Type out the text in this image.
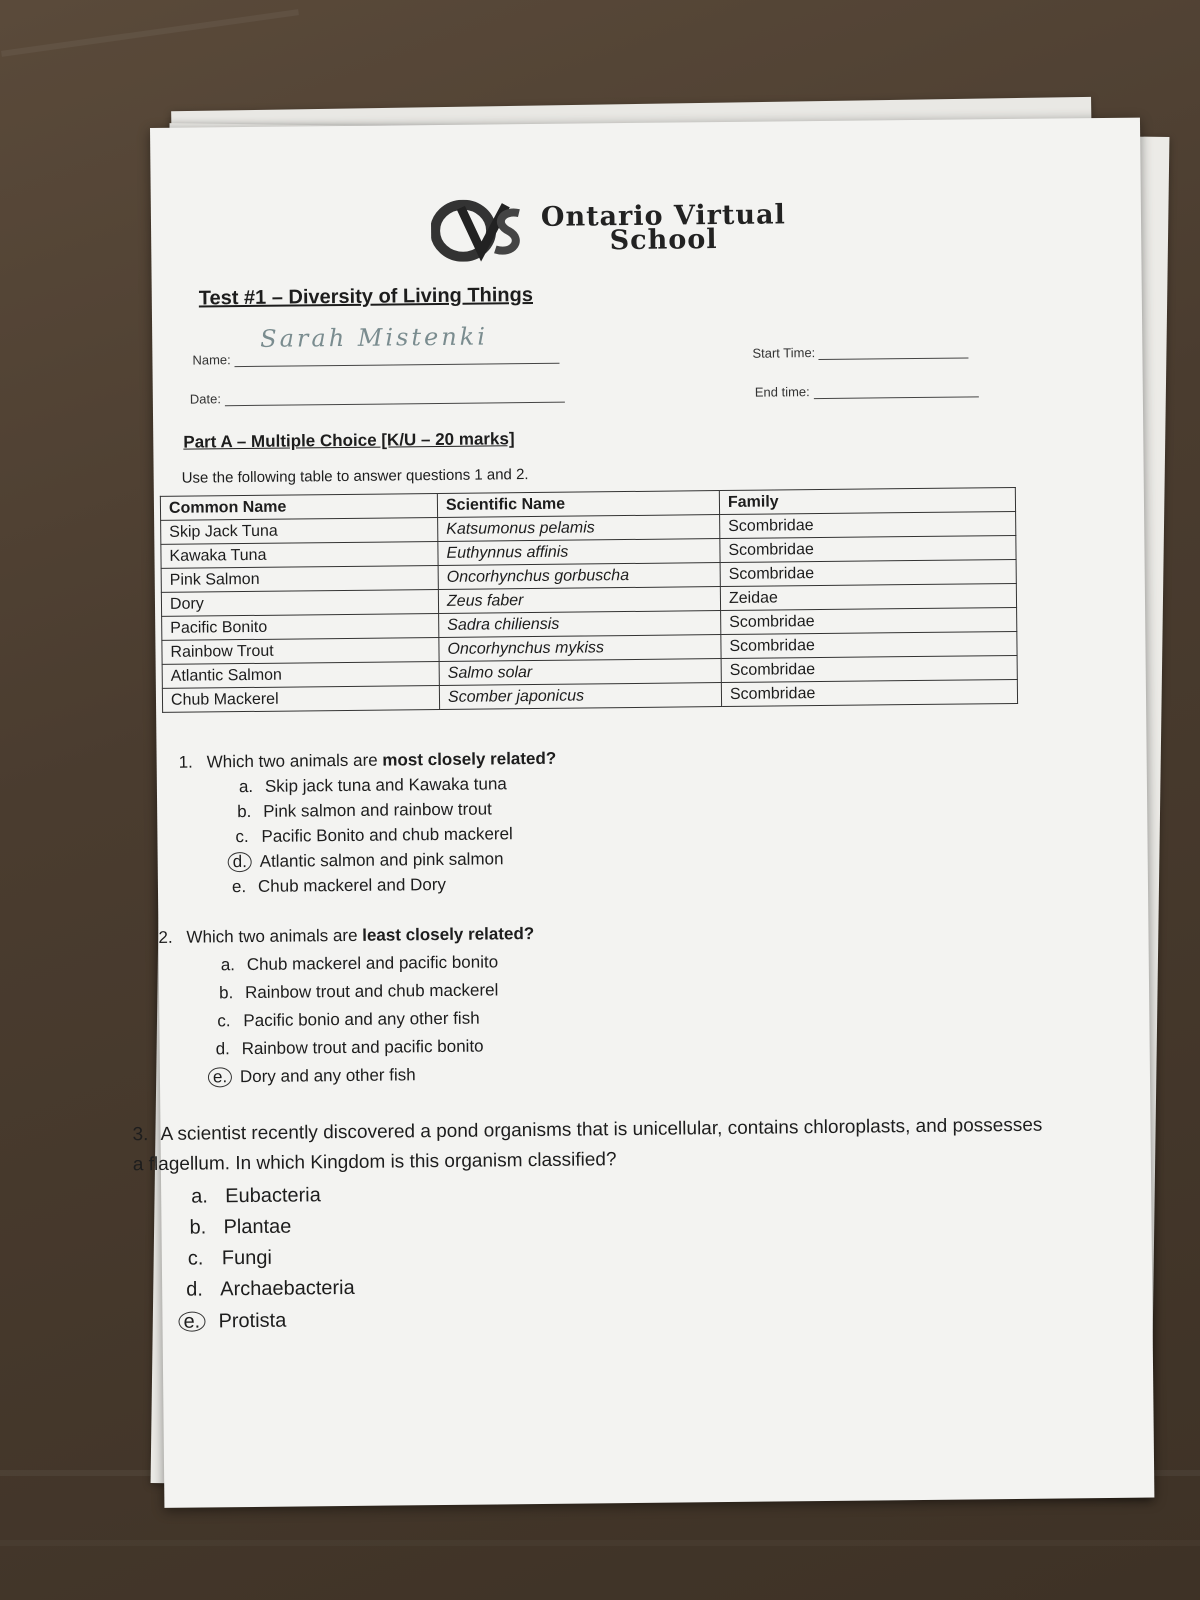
Ontario Virtual
School
Test #1 – Diversity of Living Things
Name:
Sarah Mistenki
Date:
Start Time:
End time:
Part A – Multiple Choice [K/U – 20 marks]
Use the following table to answer questions 1 and 2.
Common Name	Scientific Name	Family
Skip Jack Tuna	Katsumonus pelamis	Scombridae
Kawaka Tuna	Euthynnus affinis	Scombridae
Pink Salmon	Oncorhynchus gorbuscha	Scombridae
Dory	Zeus faber	Zeidae
Pacific Bonito	Sadra chiliensis	Scombridae
Rainbow Trout	Oncorhynchus mykiss	Scombridae
Atlantic Salmon	Salmo solar	Scombridae
Chub Mackerel	Scomber japonicus	Scombridae
1. Which two animals are most closely related?
a. Skip jack tuna and Kawaka tuna
b. Pink salmon and rainbow trout
c. Pacific Bonito and chub mackerel
d. Atlantic salmon and pink salmon
e. Chub mackerel and Dory
2. Which two animals are least closely related?
a. Chub mackerel and pacific bonito
b. Rainbow trout and chub mackerel
c. Pacific bonio and any other fish
d. Rainbow trout and pacific bonito
e. Dory and any other fish
3. A scientist recently discovered a pond organisms that is unicellular, contains chloroplasts, and possesses a flagellum. In which Kingdom is this organism classified?
a. Eubacteria
b. Plantae
c. Fungi
d. Archaebacteria
e. Protista
